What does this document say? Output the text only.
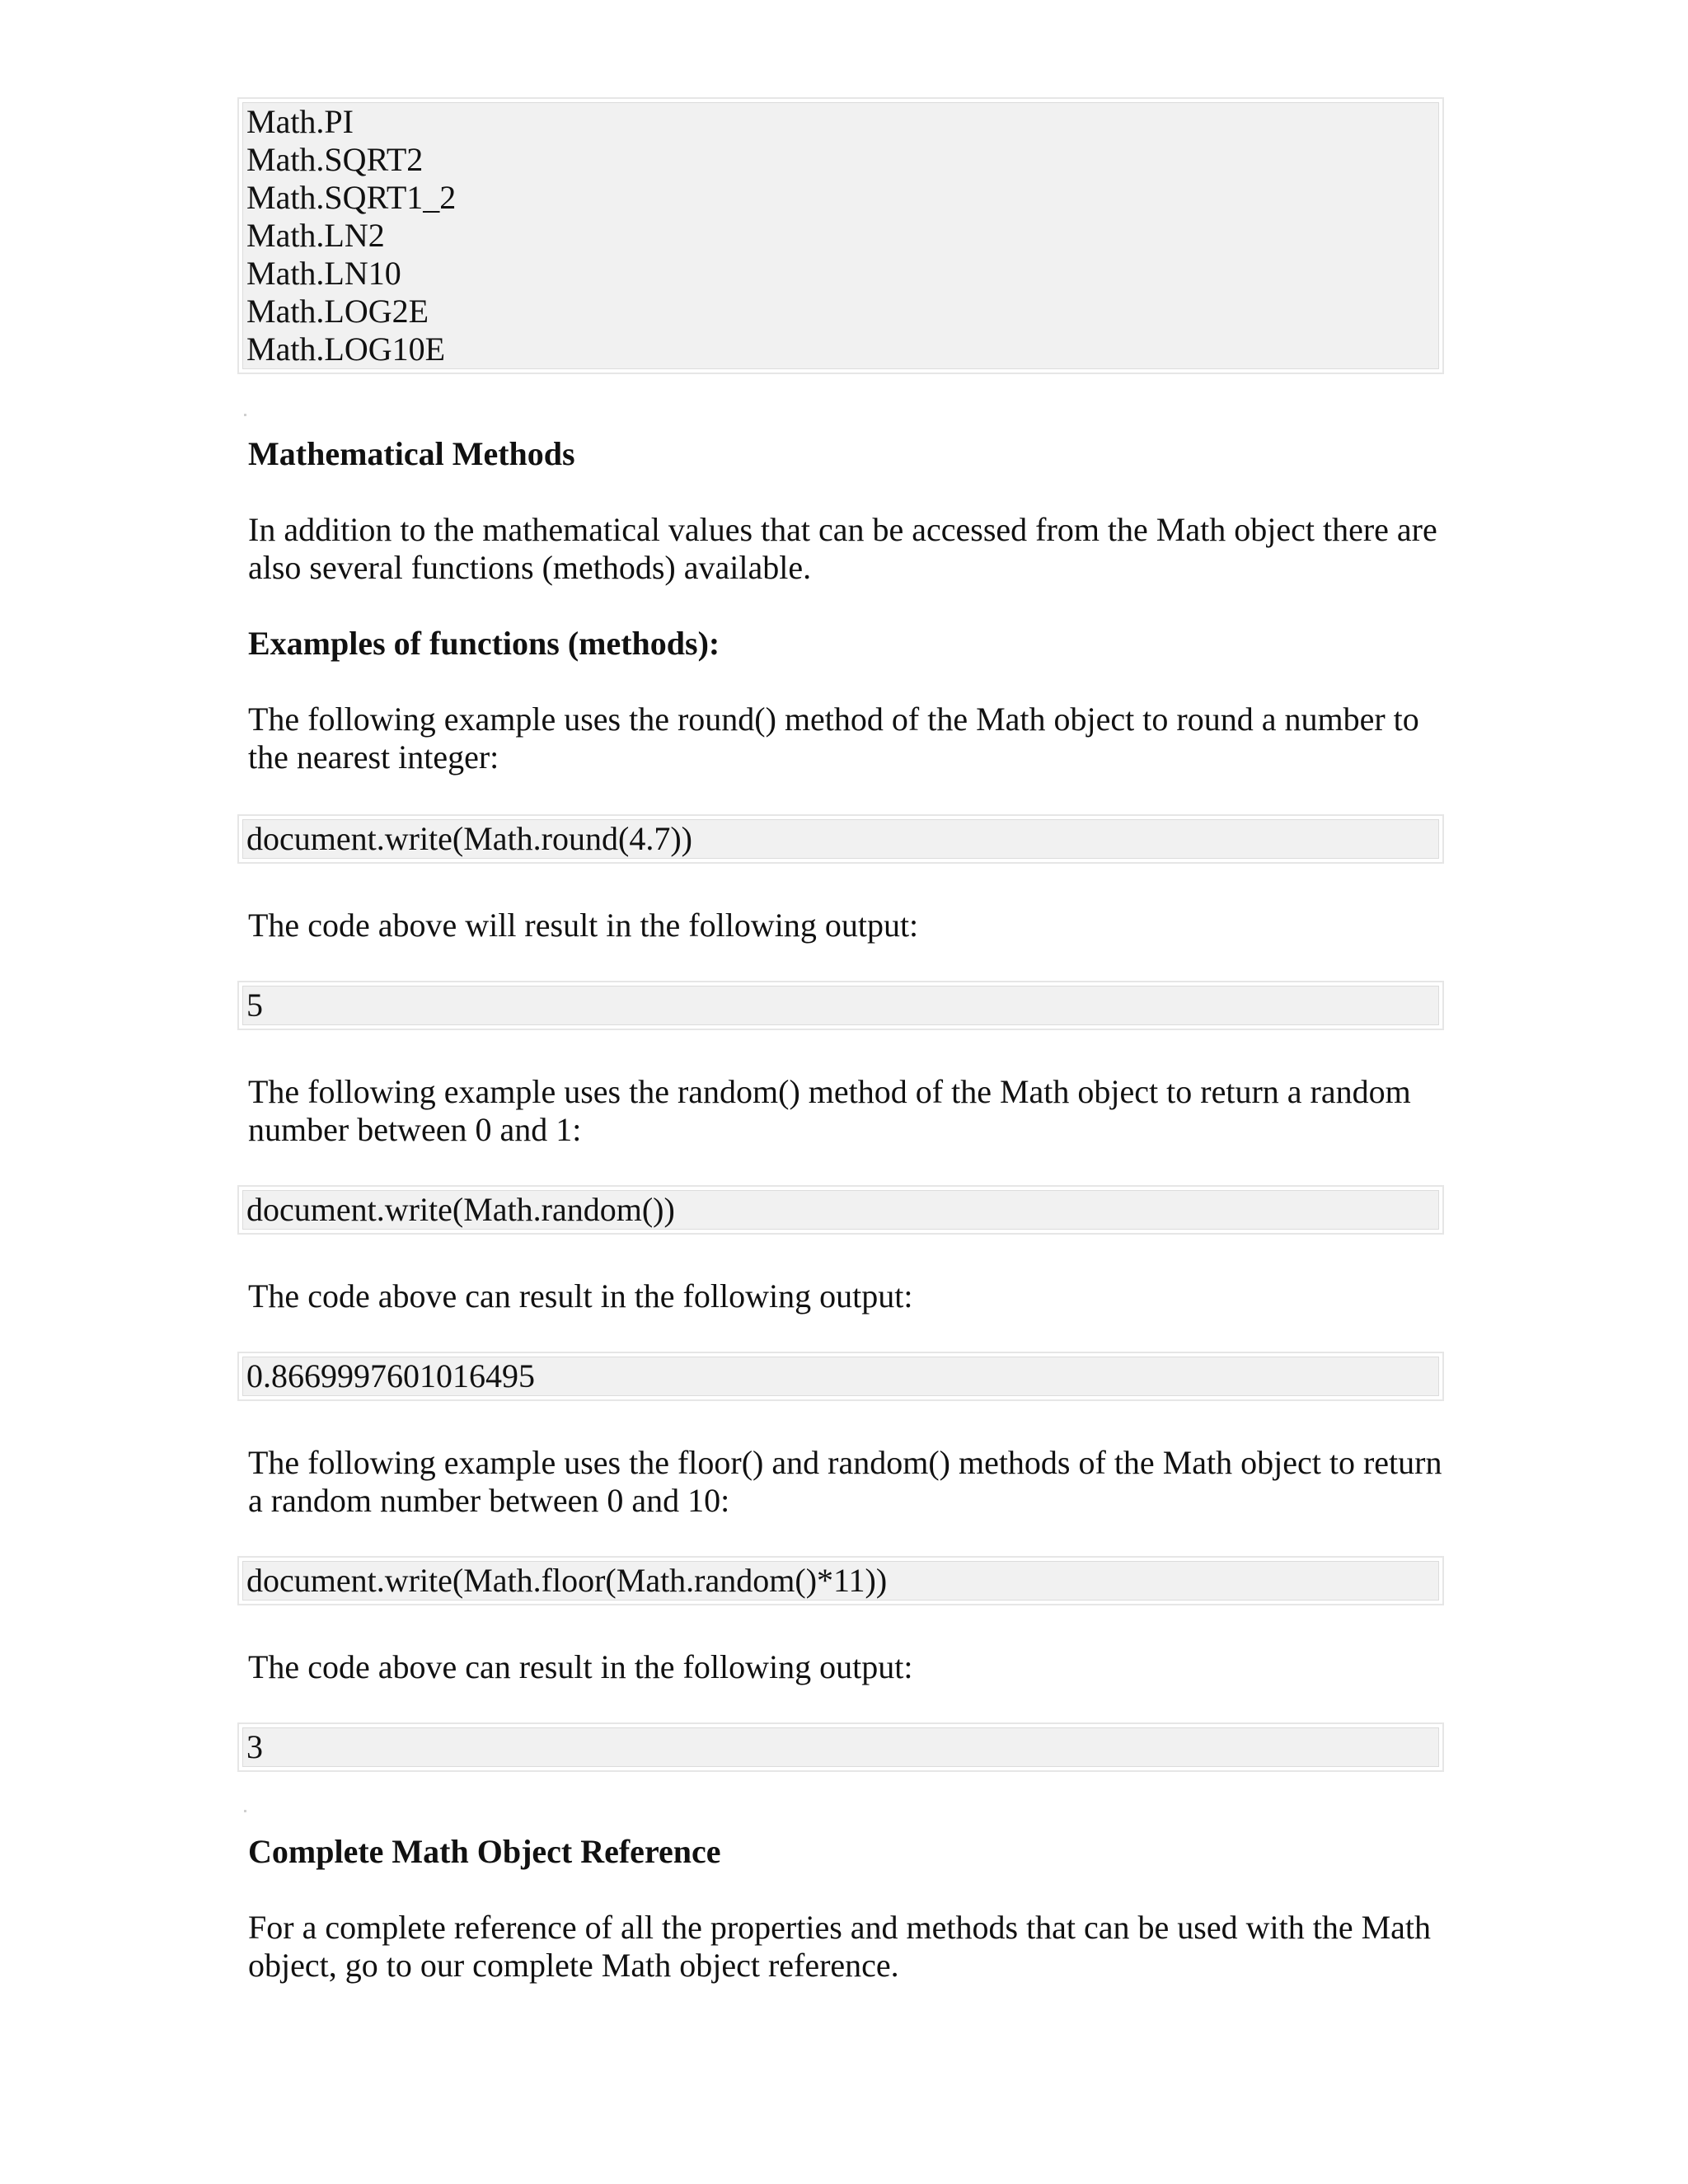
Math.PI
Math.SQRT2
Math.SQRT1_2
Math.LN2
Math.LN10
Math.LOG2E
Math.LOG10E
Mathematical Methods

In addition to the mathematical values that can be accessed from the Math object there are also several functions (methods) available.

Examples of functions (methods):

The following example uses the round() method of the Math object to round a number to the nearest integer:

document.write(Math.round(4.7))

The code above will result in the following output:

5

The following example uses the random() method of the Math object to return a random number between 0 and 1:

document.write(Math.random())

The code above can result in the following output:

0.8669997601016495

The following example uses the floor() and random() methods of the Math object to return a random number between 0 and 10:

document.write(Math.floor(Math.random()*11))

The code above can result in the following output:

3
Complete Math Object Reference

For a complete reference of all the properties and methods that can be used with the Math object, go to our complete Math object reference.
